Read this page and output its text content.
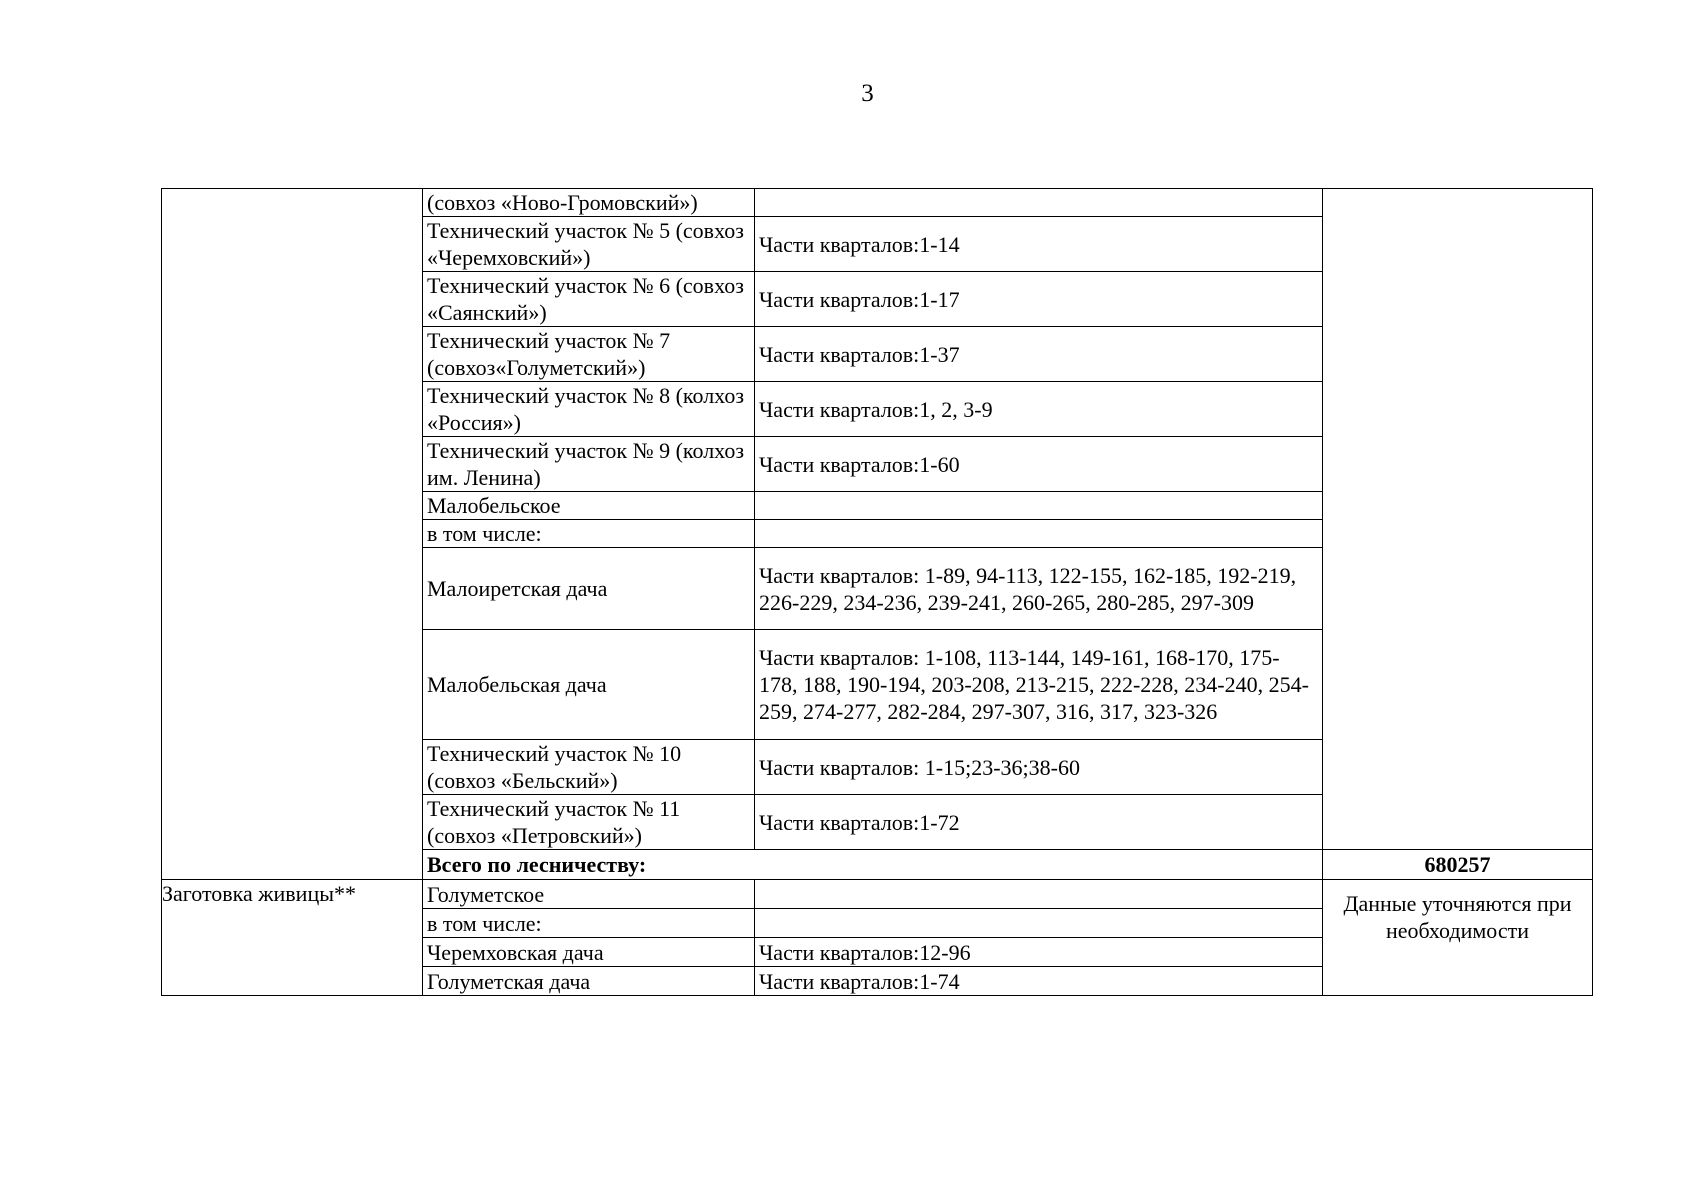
3
	(совхоз «Ново-Громовский»)		
	Технический участок № 5 (совхоз «Черемховский»)	Части кварталов:1-14	
	Технический участок № 6 (совхоз «Саянский»)	Части кварталов:1-17	
	Технический участок № 7 (совхоз«Голуметский»)	Части кварталов:1-37	
	Технический участок № 8 (колхоз «Россия»)	Части кварталов:1, 2, 3-9	
	Технический участок № 9 (колхоз им. Ленина)	Части кварталов:1-60	
	Малобельское		
	в том числе:		
	Малоиретская дача	Части кварталов: 1-89, 94-113, 122-155, 162-185, 192-219, 226-229, 234-236, 239-241, 260-265, 280-285, 297-309	
	Малобельская дача	Части кварталов: 1-108, 113-144, 149-161, 168-170, 175-178, 188, 190-194, 203-208, 213-215, 222-228, 234-240, 254-259, 274-277, 282-284, 297-307, 316, 317, 323-326	
	Технический участок № 10 (совхоз «Бельский»)	Части кварталов: 1-15;23-36;38-60	
	Технический участок № 11 (совхоз «Петровский»)	Части кварталов:1-72	
	Всего по лесничеству:		680257
Заготовка живицы**	Голуметское		Данные уточняются при необходимости
	в том числе:		
	Черемховская дача	Части кварталов:12-96	
	Голуметская дача	Части кварталов:1-74	
